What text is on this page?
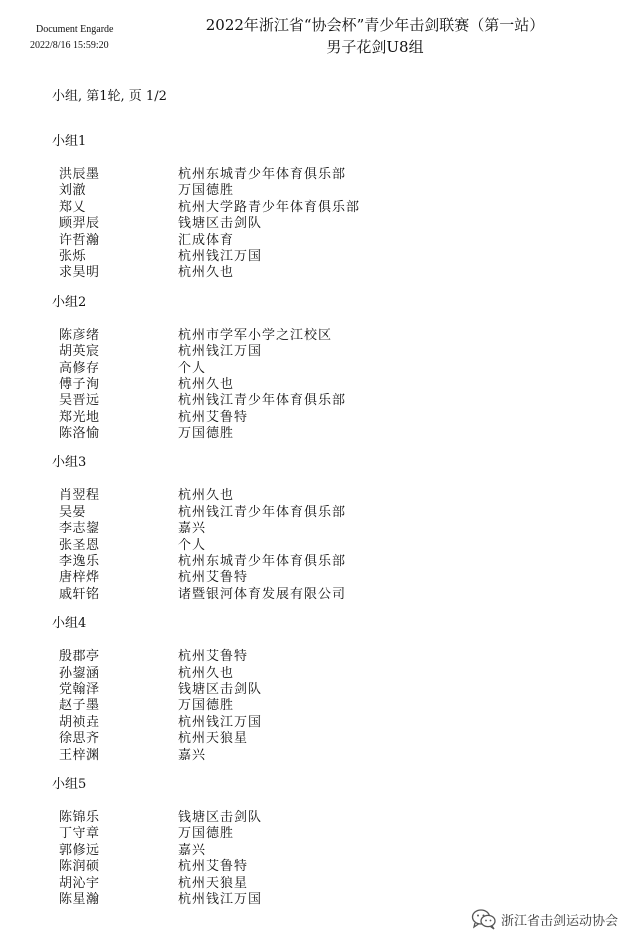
Document Engarde
2022/8/16 15:59:20
2022年浙江省“协会杯”青少年击剑联赛（第一站）
男子花剑U8组
小组, 第1轮, 页 1/2
小组1
洪辰墨	杭州东城青少年体育俱乐部
刘澈	万国德胜
郑乂	杭州大学路青少年体育俱乐部
顾羿辰	钱塘区击剑队
许哲瀚	汇成体育
张烁	杭州钱江万国
求昊明	杭州久也
小组2
陈彦绪	杭州市学军小学之江校区
胡英宸	杭州钱江万国
高修存	个人
傅子洵	杭州久也
吴晋远	杭州钱江青少年体育俱乐部
郑光地	杭州艾鲁特
陈洛愉	万国德胜
小组3
肖翌程	杭州久也
吴晏	杭州钱江青少年体育俱乐部
李志鋆	嘉兴
张圣恩	个人
李逸乐	杭州东城青少年体育俱乐部
唐梓烨	杭州艾鲁特
戚轩铭	诸暨银河体育发展有限公司
小组4
殷郡亭	杭州艾鲁特
孙鋆涵	杭州久也
党翰泽	钱塘区击剑队
赵子墨	万国德胜
胡祯垚	杭州钱江万国
徐思齐	杭州天狼星
王梓渊	嘉兴
小组5
陈锦乐	钱塘区击剑队
丁守章	万国德胜
郭修远	嘉兴
陈润硕	杭州艾鲁特
胡沁宇	杭州天狼星
陈星瀚	杭州钱江万国
浙江省击剑运动协会
